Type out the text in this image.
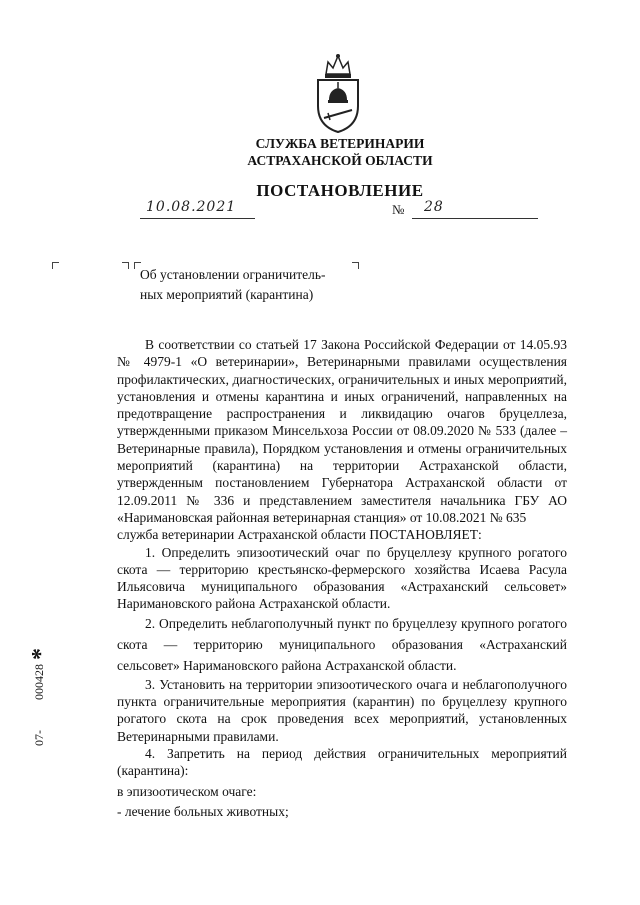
СЛУЖБА ВЕТЕРИНАРИИ
АСТРАХАНСКОЙ ОБЛАСТИ
ПОСТАНОВЛЕНИЕ
10.08.2021	№ 28
Об установлении ограничитель-
ных мероприятий (карантина)

В соответствии со статьей 17 Закона Российской Федерации от 14.05.93 № 4979-1 «О ветеринарии», Ветеринарными правилами осуществления профилактических, диагностических, ограничительных и иных мероприятий, установления и отмены карантина и иных ограничений, направленных на предотвращение распространения и ликвидацию очагов бруцеллеза, утвержденными приказом Минсельхоза России от 08.09.2020 № 533 (далее – Ветеринарные правила), Порядком установления и отмены ограничительных мероприятий (карантина) на территории Астраханской области, утвержденным постановлением Губернатора Астраханской области от 12.09.2011 № 336 и представлением заместителя начальника ГБУ АО «Наримановская районная ветеринарная станция» от 10.08.2021 № 635

служба ветеринарии Астраханской области ПОСТАНОВЛЯЕТ:

1. Определить эпизоотический очаг по бруцеллезу крупного рогатого скота — территорию крестьянско-фермерского хозяйства Исаева Расула Ильясовича муниципального образования «Астраханский сельсовет» Наримановского района Астраханской области.

2. Определить неблагополучный пункт по бруцеллезу крупного рогатого скота — территорию муниципального образования «Астраханский сельсовет» Наримановского района Астраханской области.

3. Установить на территории эпизоотического очага и неблагополучного пункта ограничительные мероприятия (карантин) по бруцеллезу крупного рогатого скота на срок проведения всех мероприятий, установленных Ветеринарными правилами.

4. Запретить на период действия ограничительных мероприятий (карантина):

в эпизоотическом очаге:

- лечение больных животных;

07-
000428
*
